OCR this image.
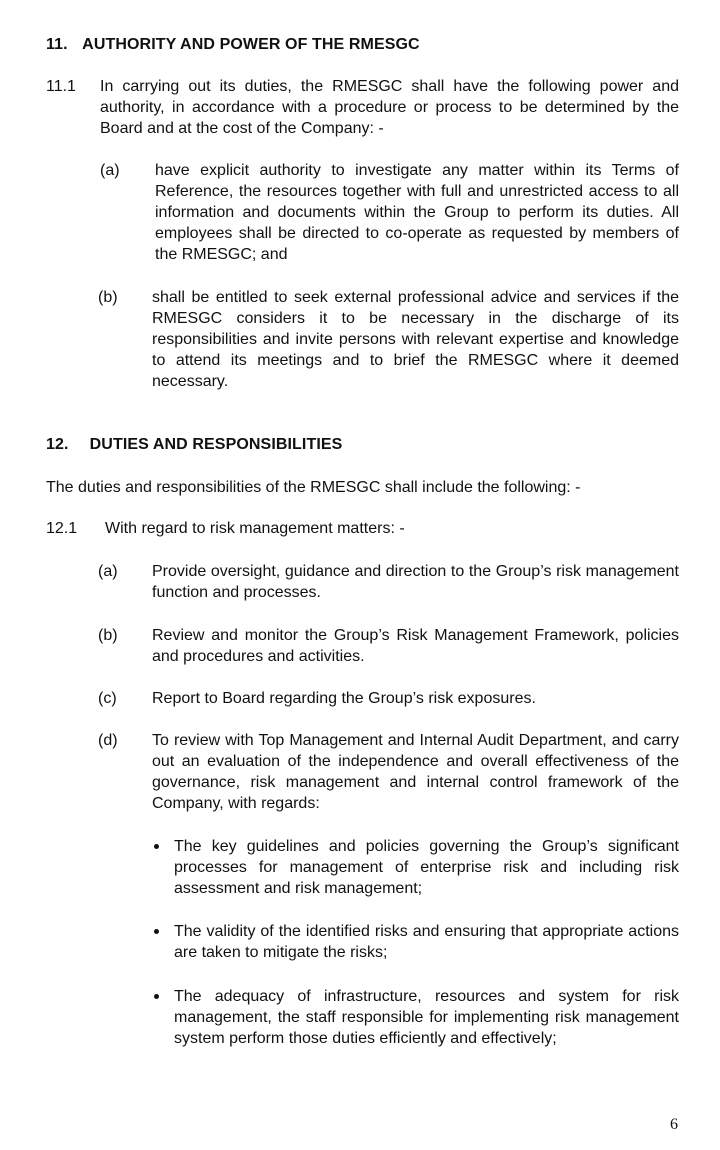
11. AUTHORITY AND POWER OF THE RMESGC
11.1 In carrying out its duties, the RMESGC shall have the following power and authority, in accordance with a procedure or process to be determined by the Board and at the cost of the Company: -
(a) have explicit authority to investigate any matter within its Terms of Reference, the resources together with full and unrestricted access to all information and documents within the Group to perform its duties. All employees shall be directed to co-operate as requested by members of the RMESGC; and
(b) shall be entitled to seek external professional advice and services if the RMESGC considers it to be necessary in the discharge of its responsibilities and invite persons with relevant expertise and knowledge to attend its meetings and to brief the RMESGC where it deemed necessary.
12. DUTIES AND RESPONSIBILITIES
The duties and responsibilities of the RMESGC shall include the following: -
12.1 With regard to risk management matters: -
(a) Provide oversight, guidance and direction to the Group’s risk management function and processes.
(b) Review and monitor the Group’s Risk Management Framework, policies and procedures and activities.
(c) Report to Board regarding the Group’s risk exposures.
(d) To review with Top Management and Internal Audit Department, and carry out an evaluation of the independence and overall effectiveness of the governance, risk management and internal control framework of the Company, with regards:
The key guidelines and policies governing the Group’s significant processes for management of enterprise risk and including risk assessment and risk management;
The validity of the identified risks and ensuring that appropriate actions are taken to mitigate the risks;
The adequacy of infrastructure, resources and system for risk management, the staff responsible for implementing risk management system perform those duties efficiently and effectively;
6
